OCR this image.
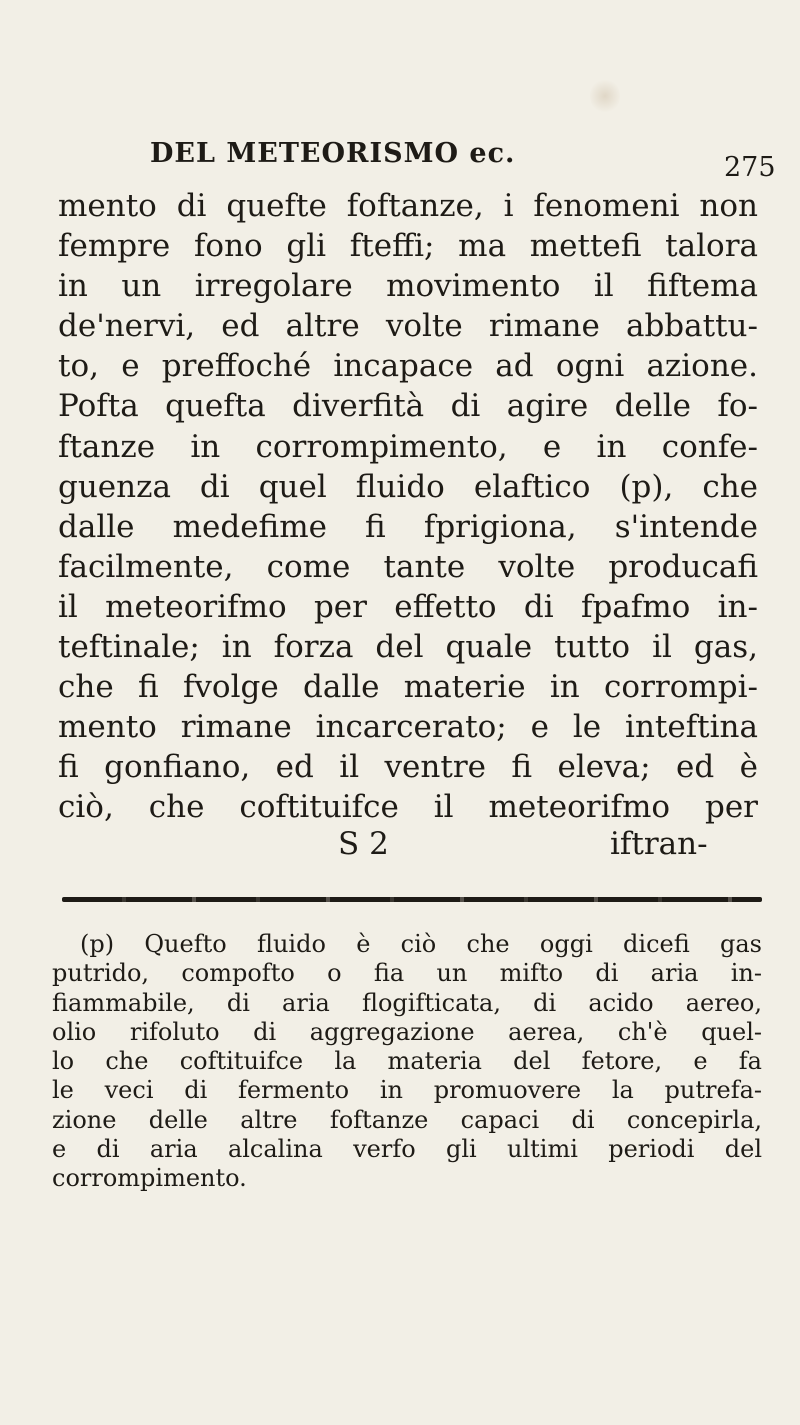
DEL METEORISMO ec.	275
mento di quefte foftanze, i fenomeni non
fempre fono gli fteffi; ma mettefi talora
in un irregolare movimento il fiftema
de'nervi, ed altre volte rimane abbattu-
to, e preffoché incapace ad ogni azione.
Pofta quefta diverfità di agire delle fo-
ftanze in corrompimento, e in confe-
guenza di quel fluido elaftico (p), che
dalle medefime fi fprigiona, s'intende
facilmente, come tante volte producafi
il meteorifmo per effetto di fpafmo in-
teftinale; in forza del quale tutto il gas,
che fi fvolge dalle materie in corrompi-
mento rimane incarcerato; e le inteftina
fi gonfiano, ed il ventre fi eleva; ed è
ciò, che coftituifce il meteorifmo per
S 2	iftran-
(p) Quefto fluido è ciò che oggi dicefi gas
putrido, compofto o fia un mifto di aria in-
fiammabile, di aria flogifticata, di acido aereo,
olio rifoluto di aggregazione aerea, ch'è quel-
lo che coftituifce la materia del fetore, e fa
le veci di fermento in promuovere la putrefa-
zione delle altre foftanze capaci di concepirla,
e di aria alcalina verfo gli ultimi periodi del
corrompimento.
